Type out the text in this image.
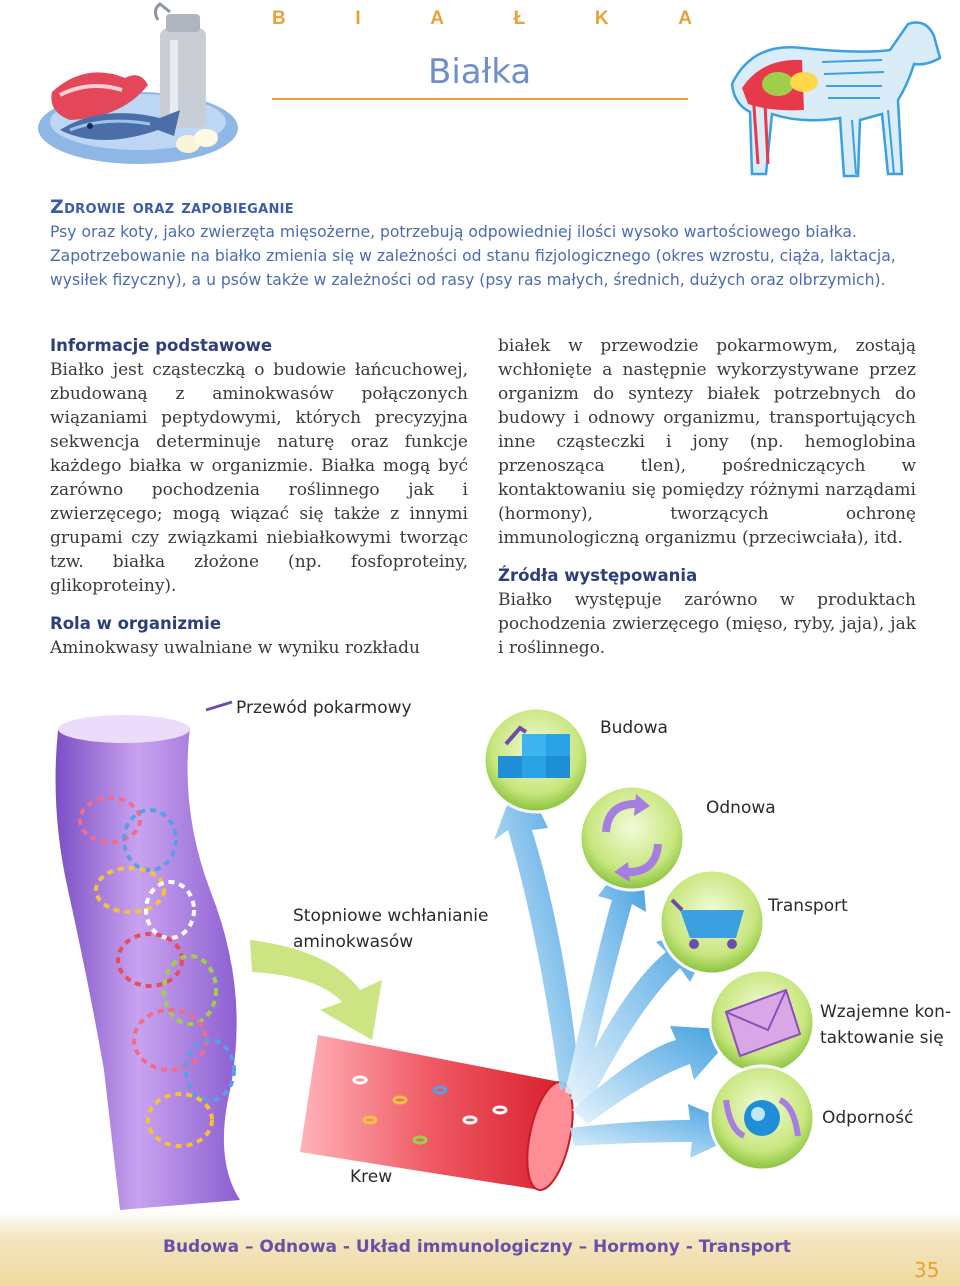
B	I	A	Ł	K	A
Białka
Zdrowie oraz zapobieganie
Psy oraz koty, jako zwierzęta mięsożerne, potrzebują odpowiedniej ilości wysoko wartościowego białka. Zapotrzebowanie na białko zmienia się w zależności od stanu fizjologicznego (okres wzrostu, ciąża, laktacja, wysiłek fizyczny), a u psów także w zależności od rasy (psy ras małych, średnich, dużych oraz olbrzymich).
Informacje podstawowe
Białko jest cząsteczką o budowie łańcuchowej, zbudowaną z aminokwasów połączonych wiązaniami peptydowymi, których precyzyjna sekwencja determinuje naturę oraz funkcje każdego białka w organizmie. Białka mogą być zarówno pochodzenia roślinnego jak i zwierzęcego; mogą wiązać się także z innymi grupami czy związkami niebiałkowymi tworząc tzw. białka złożone (np. fosfoproteiny, glikoproteiny).
Rola w organizmie
Aminokwasy uwalniane w wyniku rozkładu
białek w przewodzie pokarmowym, zostają wchłonięte a następnie wykorzystywane przez organizm do syntezy białek potrzebnych do budowy i odnowy organizmu, transportujących inne cząsteczki i jony (np. hemoglobina przenosząca tlen), pośredniczących w kontaktowaniu się pomiędzy różnymi narządami (hormony), tworzących ochronę immunologiczną organizmu (przeciwciała), itd.
Źródła występowania
Białko występuje zarówno w produktach pochodzenia zwierzęcego (mięso, ryby, jaja), jak i roślinnego.
Przewód pokarmowy
Stopniowe wchłanianie
aminokwasów
Krew
Budowa
Odnowa
Transport
Wzajemne kon-
taktowanie się
Odporność
Budowa – Odnowa - Układ immunologiczny – Hormony - Transport
35
